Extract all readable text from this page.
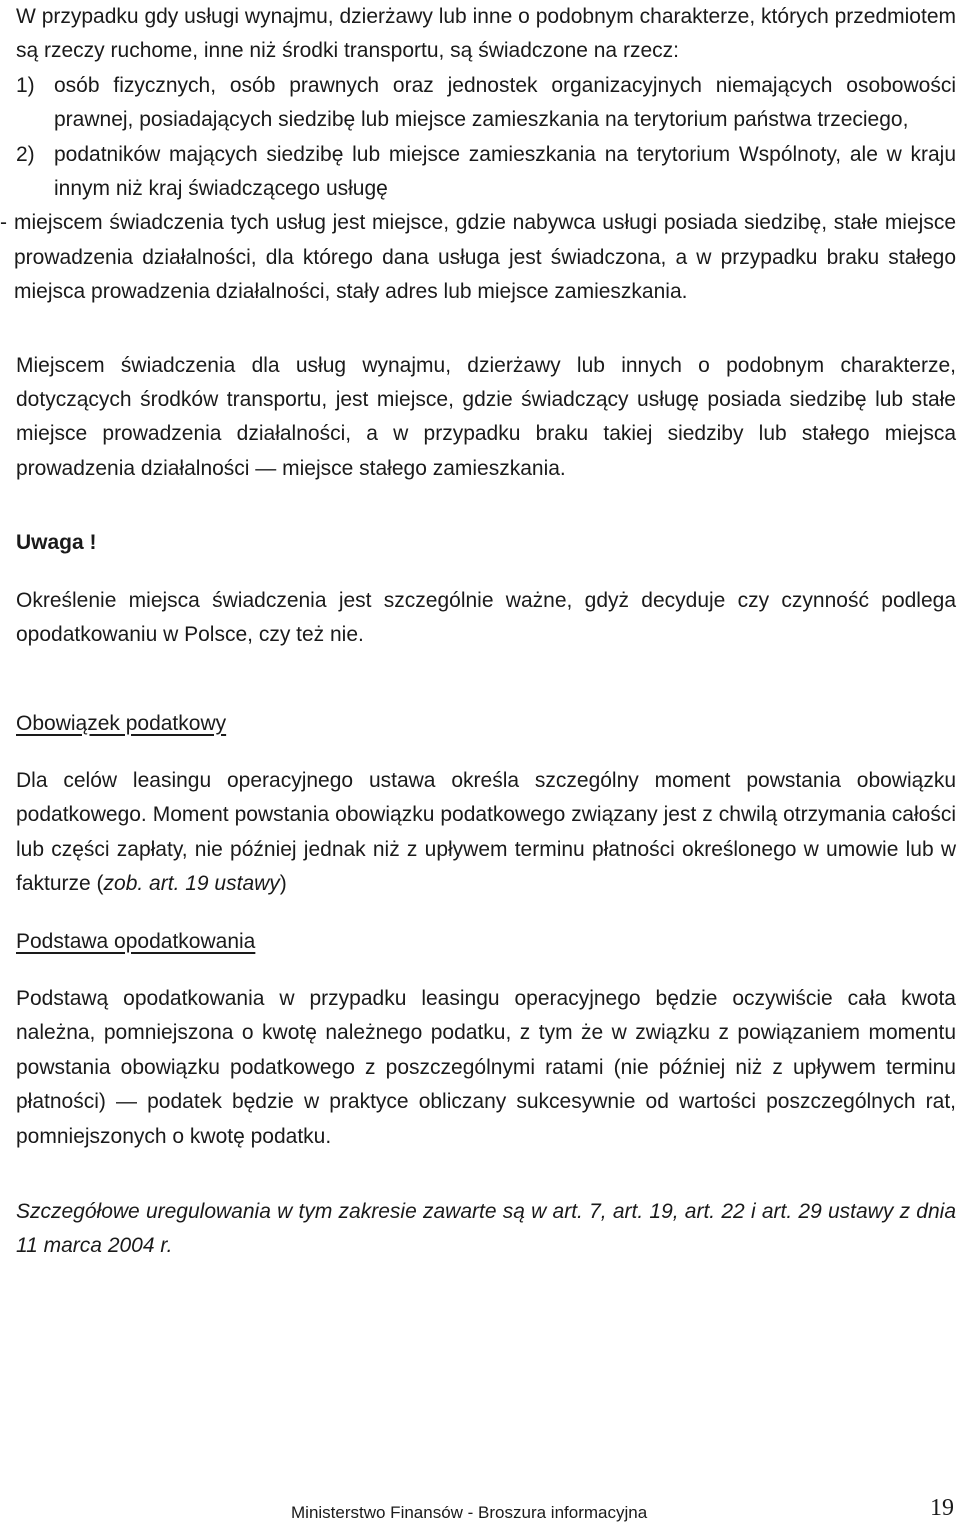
W przypadku gdy usługi wynajmu, dzierżawy lub inne o podobnym charakterze, których przedmiotem są rzeczy ruchome, inne niż środki transportu, są świadczone na rzecz:

1) osób fizycznych, osób prawnych oraz jednostek organizacyjnych niemających osobowości prawnej, posiadających siedzibę lub miejsce zamieszkania na terytorium państwa trzeciego,
2) podatników mających siedzibę lub miejsce zamieszkania na terytorium Wspólnoty, ale w kraju innym niż kraj świadczącego usługę

- miejscem świadczenia tych usług jest miejsce, gdzie nabywca usługi posiada siedzibę, stałe miejsce prowadzenia działalności, dla którego dana usługa jest świadczona, a w przypadku braku stałego miejsca prowadzenia działalności, stały adres lub miejsce zamieszkania.

Miejscem świadczenia dla usług wynajmu, dzierżawy lub innych o podobnym charakterze, dotyczących środków transportu, jest miejsce, gdzie świadczący usługę posiada siedzibę lub stałe miejsce prowadzenia działalności, a w przypadku braku takiej siedziby lub stałego miejsca prowadzenia działalności — miejsce stałego zamieszkania.

Uwaga !

Określenie miejsca świadczenia jest szczególnie ważne, gdyż decyduje czy czynność podlega opodatkowaniu w Polsce, czy też nie.

Obowiązek podatkowy

Dla celów leasingu operacyjnego ustawa określa szczególny moment powstania obowiązku podatkowego. Moment powstania obowiązku podatkowego związany jest z chwilą otrzymania całości lub części zapłaty, nie później jednak niż z upływem terminu płatności określonego w umowie lub w fakturze (zob. art. 19 ustawy)

Podstawa opodatkowania

Podstawą opodatkowania w przypadku leasingu operacyjnego będzie oczywiście cała kwota należna, pomniejszona o kwotę należnego podatku, z tym że w związku z powiązaniem momentu powstania obowiązku podatkowego z poszczególnymi ratami (nie później niż z upływem terminu płatności) — podatek będzie w praktyce obliczany sukcesywnie od wartości poszczególnych rat, pomniejszonych o kwotę podatku.

Szczegółowe uregulowania w tym zakresie zawarte są w art. 7, art. 19, art. 22 i art. 29 ustawy z dnia 11 marca 2004 r.

Ministerstwo Finansów - Broszura informacyjna	19
